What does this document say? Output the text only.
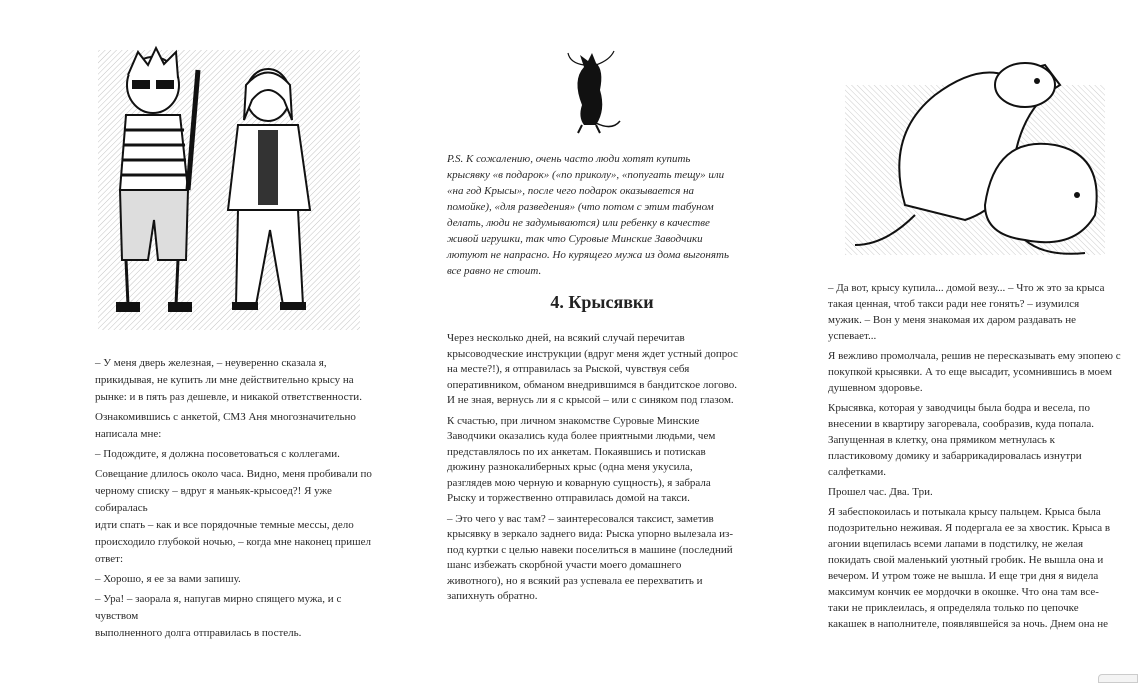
– У меня дверь железная, – неуверенно сказала я,
прикидывая, не купить ли мне действительно крысу на
рынке: и в пять раз дешевле, и никакой ответственности.

Ознакомившись с анкетой, СМЗ Аня многозначительно
написала мне:

– Подождите, я должна посоветоваться с коллегами.

Совещание длилось около часа. Видно, меня пробивали по
черному списку – вдруг я маньяк-крысоед?! Я уже собиралась
идти спать – как и все порядочные темные мессы, дело
происходило глубокой ночью, – когда мне наконец пришел
ответ:

– Хорошо, я ее за вами запишу.

– Ура! – заорала я, напугав мирно спящего мужа, и с чувством
выполненного долга отправилась в постель.

P.S. К сожалению, очень часто люди хотят купить
крысявку «в подарок» («по приколу», «попугать тещу» или
«на год Крысы», после чего подарок оказывается на
помойке), «для разведения» (что потом с этим табуном
делать, люди не задумываются) или ребенку в качестве
живой игрушки, так что Суровые Минские Заводчики
лютуют не напрасно. Но курящего мужа из дома выгонять
все равно не стоит.
4. Крысявки

Через несколько дней, на всякий случай перечитав
крысоводческие инструкции (вдруг меня ждет устный допрос
на месте?!), я отправилась за Рыской, чувствуя себя
оперативником, обманом внедрившимся в бандитское логово.
И не зная, вернусь ли я с крысой – или с синяком под глазом.

К счастью, при личном знакомстве Суровые Минские
Заводчики оказались куда более приятными людьми, чем
представлялось по их анкетам. Покаявшись и потискав
дюжину разнокалиберных крыс (одна меня укусила,
разглядев мою черную и коварную сущность), я забрала
Рыску и торжественно отправилась домой на такси.

– Это чего у вас там? – заинтересовался таксист, заметив
крысявку в зеркало заднего вида: Рыска упорно вылезала из-
под куртки с целью навеки поселиться в машине (последний
шанс избежать скорбной участи моего домашнего
животного), но я всякий раз успевала ее перехватить и
запихнуть обратно.

– Да вот, крысу купила... домой везу... – Что ж это за крыса
такая ценная, чтоб такси ради нее гонять? – изумился
мужик. – Вон у меня знакомая их даром раздавать не
успевает...

Я вежливо промолчала, решив не пересказывать ему эпопею с
покупкой крысявки. А то еще высадит, усомнившись в моем
душевном здоровье.

Крысявка, которая у заводчицы была бодра и весела, по
внесении в квартиру загоревала, сообразив, куда попала.
Запущенная в клетку, она прямиком метнулась к
пластиковому домику и забаррикадировалась изнутри
салфетками.

Прошел час. Два. Три.

Я забеспокоилась и потыкала крысу пальцем. Крыса была
подозрительно неживая. Я подергала ее за хвостик. Крыса в
агонии вцепилась всеми лапами в подстилку, не желая
покидать свой маленький уютный гробик. Не вышла она и
вечером. И утром тоже не вышла. И еще три дня я видела
максимум кончик ее мордочки в окошке. Что она там все-
таки не приклеилась, я определяла только по цепочке
какашек в наполнителе, появлявшейся за ночь. Днем она не
